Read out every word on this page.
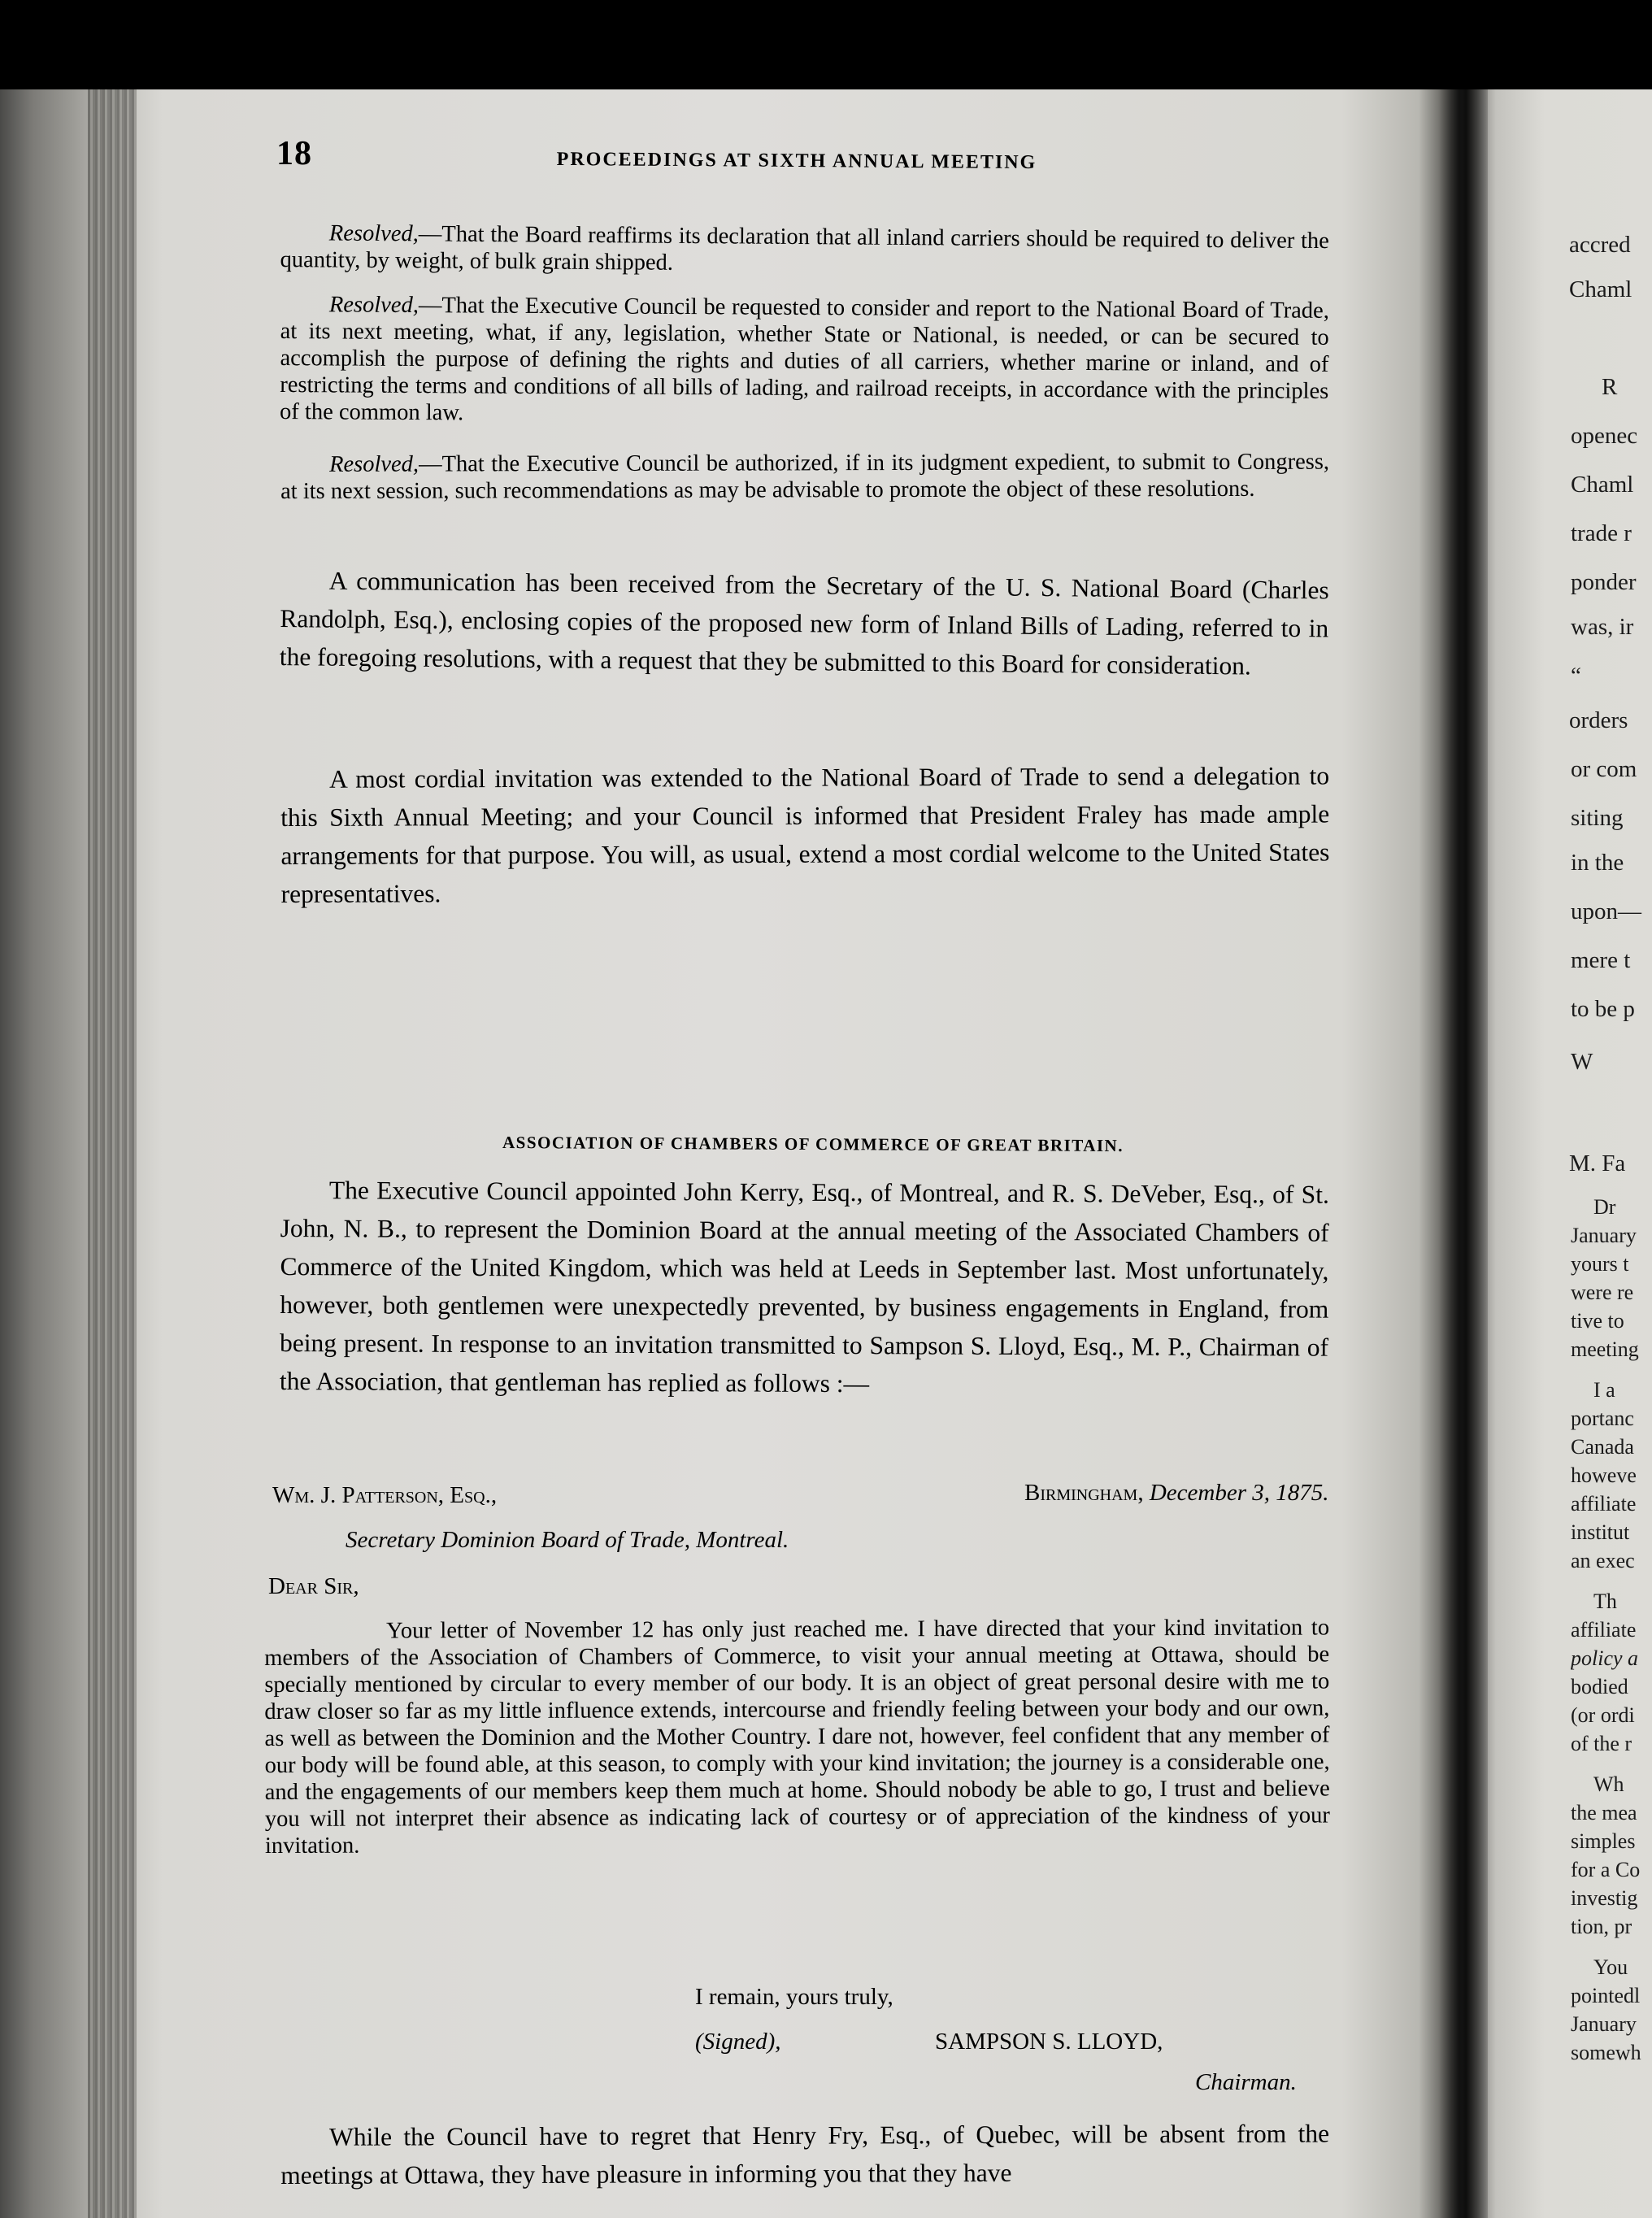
18	PROCEEDINGS AT SIXTH ANNUAL MEETING

Resolved,—That the Board reaffirms its declaration that all inland carriers should be required to deliver the quantity, by weight, of bulk grain shipped.

Resolved,—That the Executive Council be requested to consider and report to the National Board of Trade, at its next meeting, what, if any, legislation, whether State or National, is needed, or can be secured to accomplish the purpose of defining the rights and duties of all carriers, whether marine or inland, and of restricting the terms and conditions of all bills of lading, and railroad receipts, in accordance with the principles of the common law.

Resolved,—That the Executive Council be authorized, if in its judgment expedient, to submit to Congress, at its next session, such recommendations as may be advisable to promote the object of these resolutions.

A communication has been received from the Secretary of the U. S. National Board (Charles Randolph, Esq.), enclosing copies of the proposed new form of Inland Bills of Lading, referred to in the foregoing resolutions, with a request that they be submitted to this Board for consideration.

A most cordial invitation was extended to the National Board of Trade to send a delegation to this Sixth Annual Meeting; and your Council is informed that President Fraley has made ample arrangements for that purpose. You will, as usual, extend a most cordial welcome to the United States representatives.

ASSOCIATION OF CHAMBERS OF COMMERCE OF GREAT BRITAIN.

The Executive Council appointed John Kerry, Esq., of Montreal, and R. S. DeVeber, Esq., of St. John, N. B., to represent the Dominion Board at the annual meeting of the Associated Chambers of Commerce of the United Kingdom, which was held at Leeds in September last. Most unfortunately, however, both gentlemen were unexpectedly prevented, by business engagements in England, from being present. In response to an invitation transmitted to Sampson S. Lloyd, Esq., M. P., Chairman of the Association, that gentleman has replied as follows :—

Birmingham, December 3, 1875.
Wm. J. Patterson, Esq.,
Secretary Dominion Board of Trade, Montreal.
Dear Sir,

Your letter of November 12 has only just reached me. I have directed that your kind invitation to members of the Association of Chambers of Commerce, to visit your annual meeting at Ottawa, should be specially mentioned by circular to every member of our body. It is an object of great personal desire with me to draw closer so far as my little influence extends, intercourse and friendly feeling between your body and our own, as well as between the Dominion and the Mother Country. I dare not, however, feel confident that any member of our body will be found able, at this season, to comply with your kind invitation; the journey is a considerable one, and the engagements of our members keep them much at home. Should nobody be able to go, I trust and believe you will not interpret their absence as indicating lack of courtesy or of appreciation of the kindness of your invitation.

I remain, yours truly,
(Signed),	SAMPSON S. LLOYD,
Chairman.

While the Council have to regret that Henry Fry, Esq., of Quebec, will be absent from the meetings at Ottawa, they have pleasure in informing you that they have

accred
Chaml
R
openec
Chaml
trade r
ponder
was, ir
“
orders
or com
siting
in the
upon—
mere t
to be p
W
M. Fa
Dr
January
yours t
were re
tive to
meeting
I a
portanc
Canada
howeve
affiliate
institut
an exec
Th
affiliate
policy a
bodied
(or ordi
of the r
Wh
the mea
simples
for a Co
investig
tion, pr
You
pointedl
January
somewh
